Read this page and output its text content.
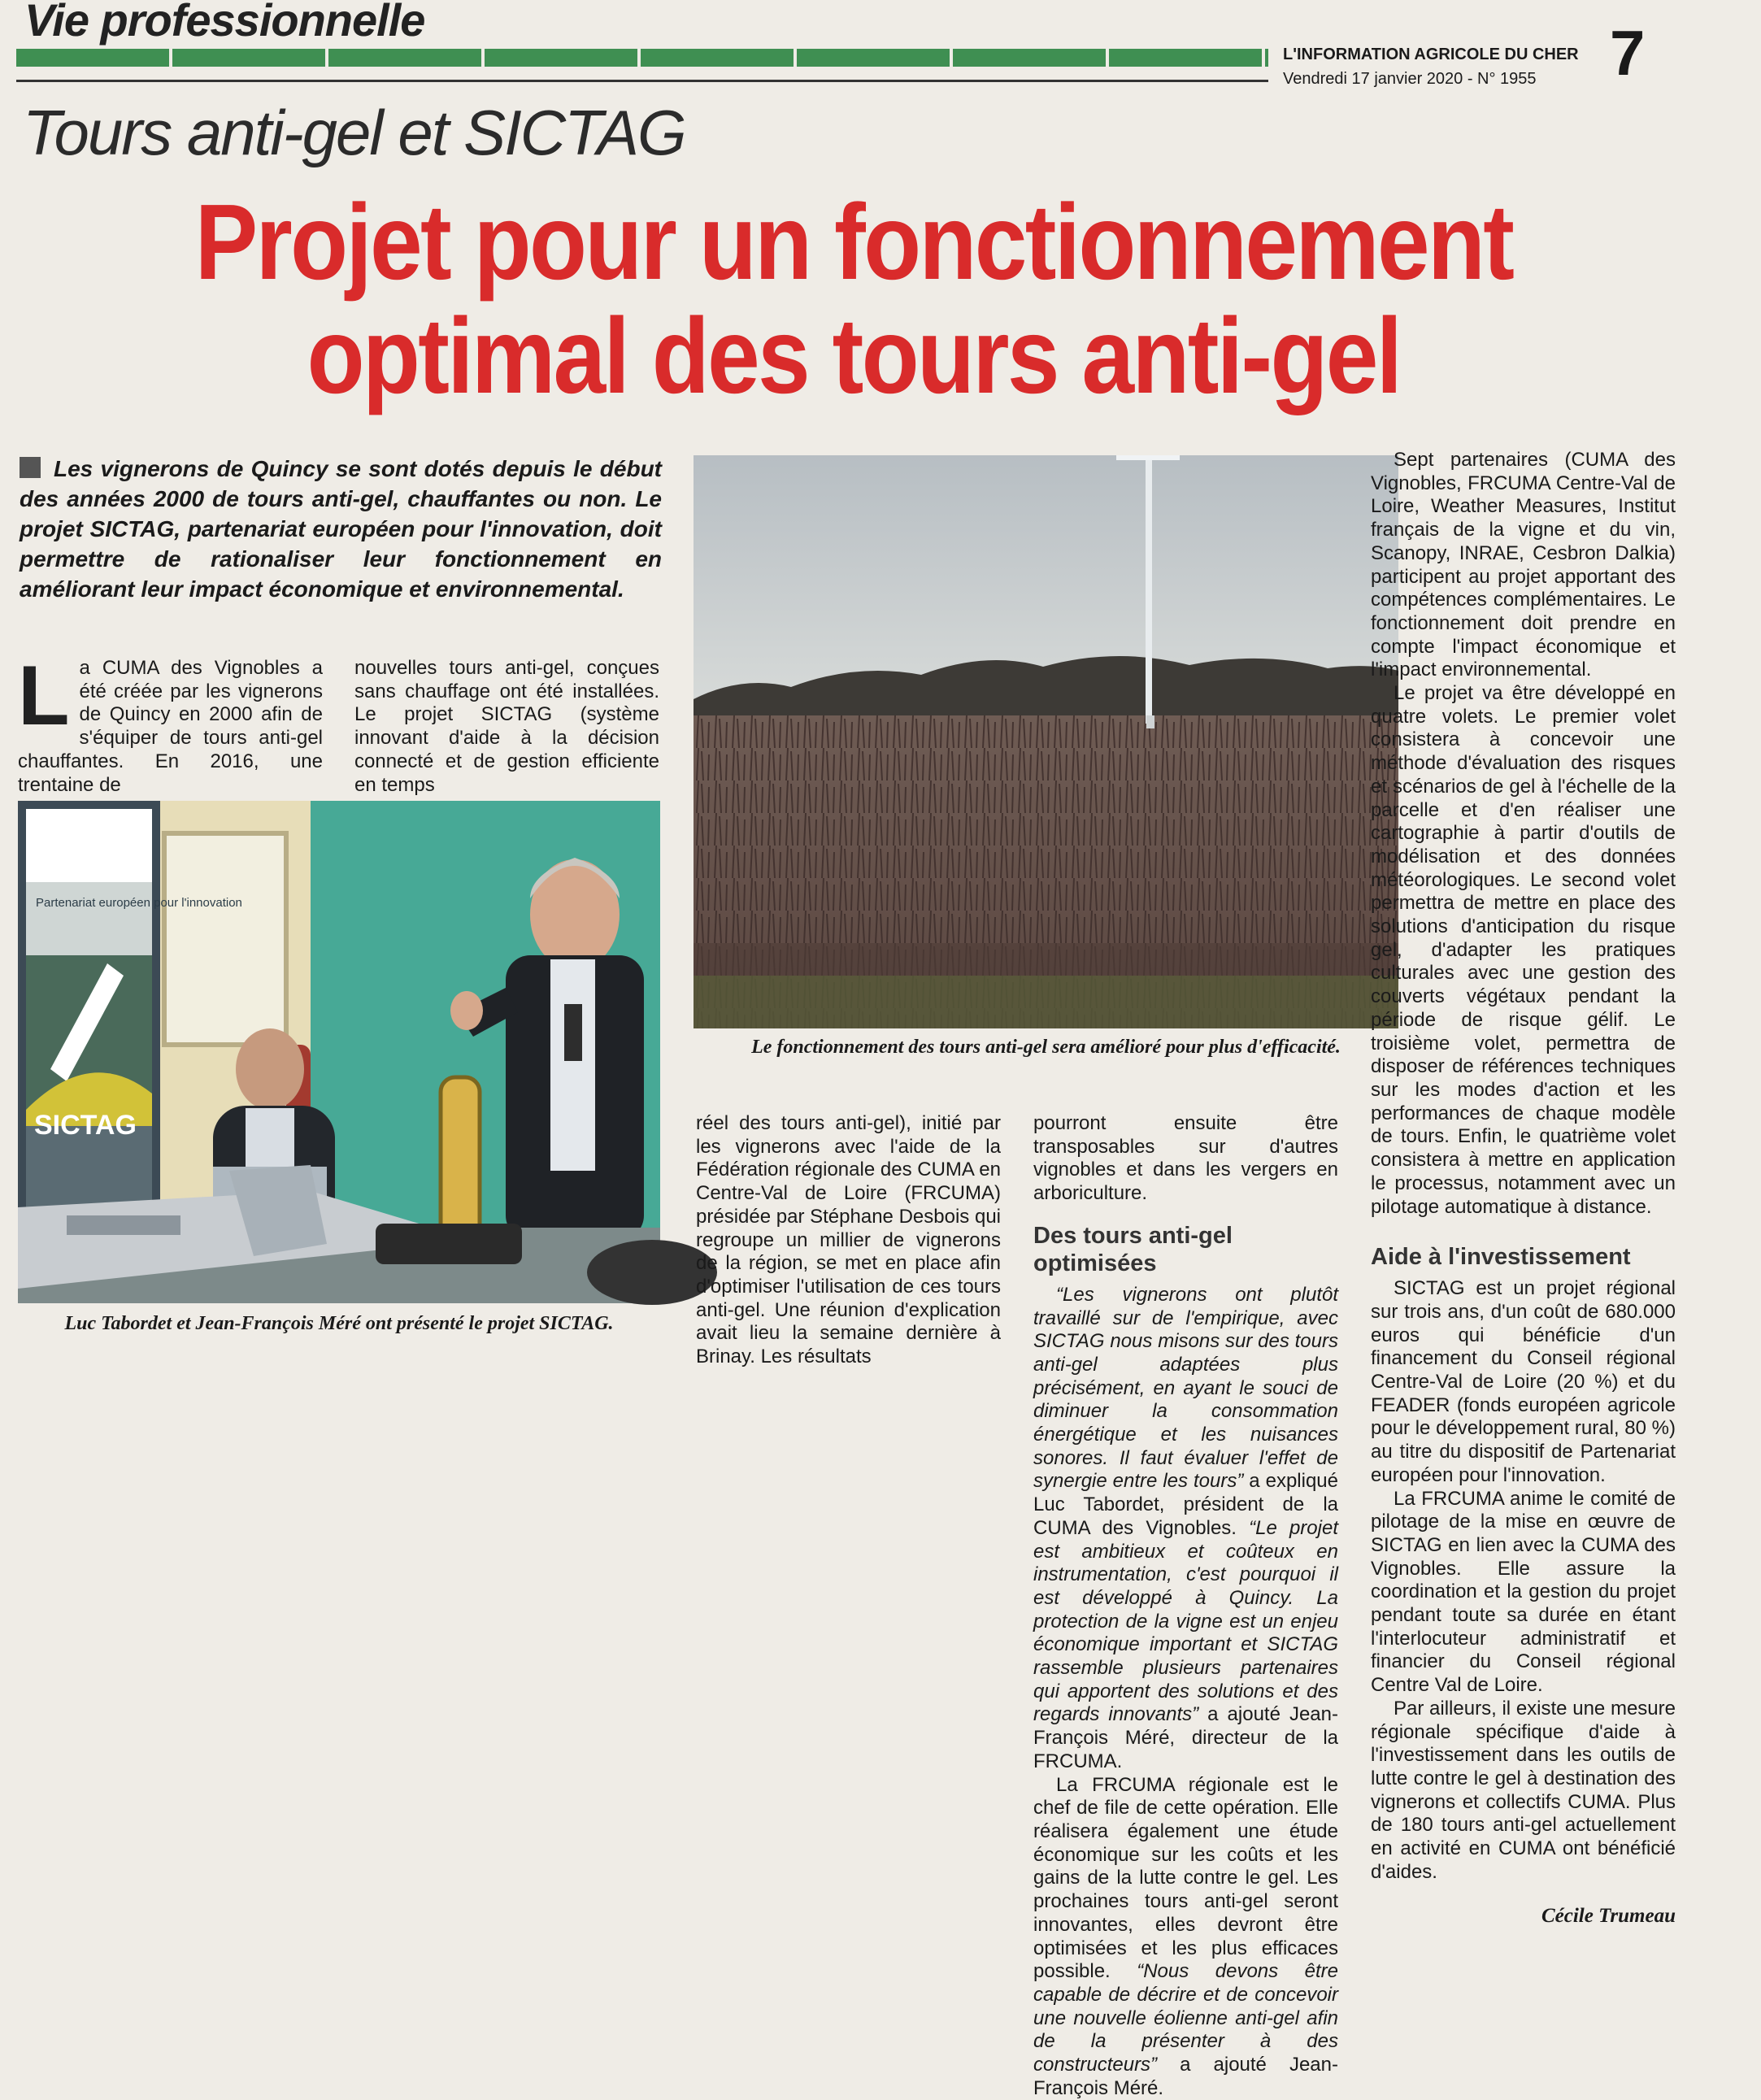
Vie professionnelle
L'INFORMATION AGRICOLE DU CHER
Vendredi 17 janvier 2020 - N° 1955 7
Tours anti-gel et SICTAG
Projet pour un fonctionnement
optimal des tours anti-gel
Les vignerons de Quincy se sont dotés depuis le début des années 2000 de tours anti-gel, chauffantes ou non. Le projet SICTAG, partenariat européen pour l'innovation, doit permettre de rationaliser leur fonctionnement en améliorant leur impact économique et environnemental.
L a CUMA des Vignobles a été créée par les vignerons de Quincy en 2000 afin de s'équiper de tours anti-gel chauffantes. En 2016, une trentaine de

nouvelles tours anti-gel, conçues sans chauffage ont été installées. Le projet SICTAG (système innovant d'aide à la décision connecté et de gestion efficiente en temps

Partenariat européen pour l'innovation
SICTAG
Luc Tabordet et Jean-François Méré ont présenté le projet SICTAG.
Le fonctionnement des tours anti-gel sera amélioré pour plus d'efficacité.

réel des tours anti-gel), initié par les vignerons avec l'aide de la Fédération régionale des CUMA en Centre-Val de Loire (FRCUMA) présidée par Stéphane Desbois qui regroupe un millier de vignerons de la région, se met en place afin d'optimiser l'utilisation de ces tours anti-gel. Une réunion d'explication avait lieu la semaine dernière à Brinay. Les résultats

pourront ensuite être transposables sur d'autres vignobles et dans les vergers en arboriculture.

Des tours anti-gel optimisées

“Les vignerons ont plutôt travaillé sur de l'empirique, avec SICTAG nous misons sur des tours anti-gel adaptées plus précisément, en ayant le souci de diminuer la consommation énergétique et les nuisances sonores. Il faut évaluer l'effet de synergie entre les tours” a expliqué Luc Tabordet, président de la CUMA des Vignobles. “Le projet est ambitieux et coûteux en instrumentation, c'est pourquoi il est développé à Quincy. La protection de la vigne est un enjeu économique important et SICTAG rassemble plusieurs partenaires qui apportent des solutions et des regards innovants” a ajouté Jean-François Méré, directeur de la FRCUMA.

La FRCUMA régionale est le chef de file de cette opération. Elle réalisera également une étude économique sur les coûts et les gains de la lutte contre le gel. Les prochaines tours anti-gel seront innovantes, elles devront être optimisées et les plus efficaces possible. “Nous devons être capable de décrire et de concevoir une nouvelle éolienne anti-gel afin de la présenter à des constructeurs” a ajouté Jean-François Méré.

Sept partenaires (CUMA des Vignobles, FRCUMA Centre-Val de Loire, Weather Measures, Institut français de la vigne et du vin, Scanopy, INRAE, Cesbron Dalkia) participent au projet apportant des compétences complémentaires. Le fonctionnement doit prendre en compte l'impact économique et l'impact environnemental.

Le projet va être développé en quatre volets. Le premier volet consistera à concevoir une méthode d'évaluation des risques et scénarios de gel à l'échelle de la parcelle et d'en réaliser une cartographie à partir d'outils de modélisation et des données météorologiques. Le second volet permettra de mettre en place des solutions d'anticipation du risque gel, d'adapter les pratiques culturales avec une gestion des couverts végétaux pendant la période de risque gélif. Le troisième volet, permettra de disposer de références techniques sur les modes d'action et les performances de chaque modèle de tours. Enfin, le quatrième volet consistera à mettre en application le processus, notamment avec un pilotage automatique à distance.

Aide à l'investissement

SICTAG est un projet régional sur trois ans, d'un coût de 680.000 euros qui bénéficie d'un financement du Conseil régional Centre-Val de Loire (20 %) et du FEADER (fonds européen agricole pour le développement rural, 80 %) au titre du dispositif de Partenariat européen pour l'innovation.

La FRCUMA anime le comité de pilotage de la mise en œuvre de SICTAG en lien avec la CUMA des Vignobles. Elle assure la coordination et la gestion du projet pendant toute sa durée en étant l'interlocuteur administratif et financier du Conseil régional Centre Val de Loire.

Par ailleurs, il existe une mesure régionale spécifique d'aide à l'investissement dans les outils de lutte contre le gel à destination des vignerons et collectifs CUMA. Plus de 180 tours anti-gel actuellement en activité en CUMA ont bénéficié d'aides.

Cécile Trumeau
